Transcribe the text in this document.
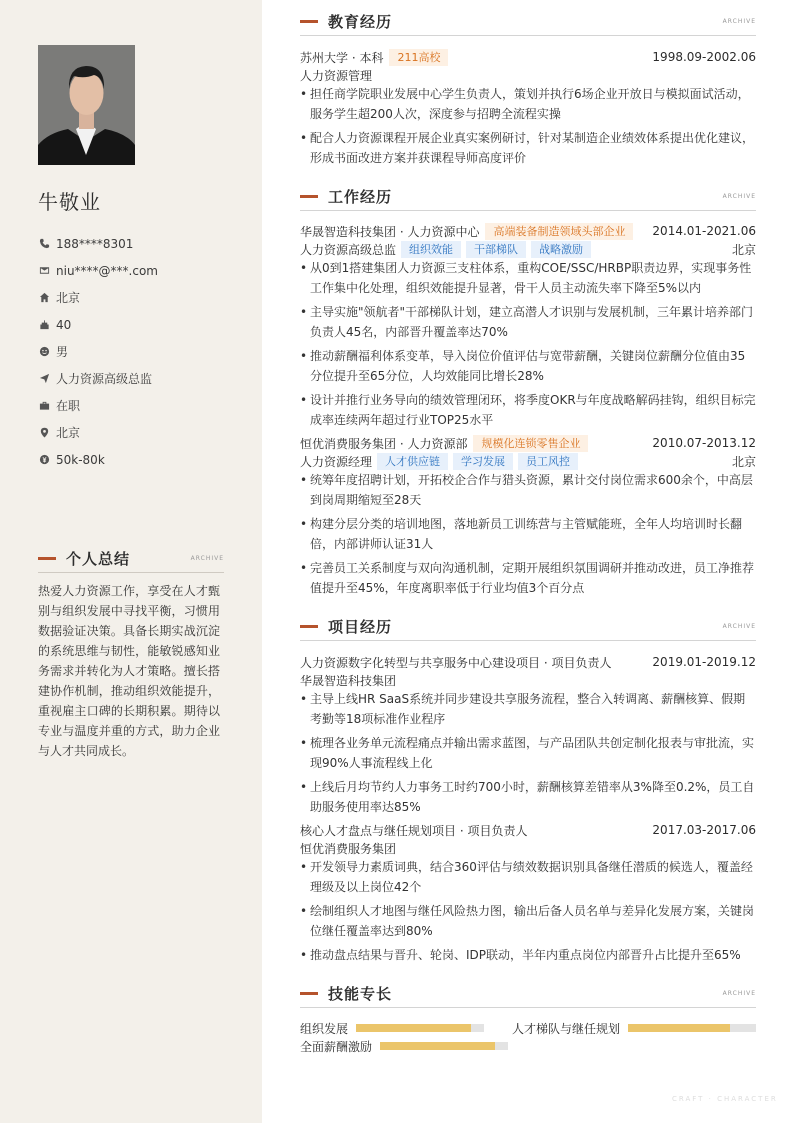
牛敬业
188****8301
niu****@***.com
北京
40
男
人力资源高级总监
在职
北京
50k-80k
个人总结	ARCHIVE
热爱人力资源工作，享受在人才甄别与组织发展中寻找平衡，习惯用数据验证决策。具备长期实战沉淀的系统思维与韧性，能敏锐感知业务需求并转化为人才策略。擅长搭建协作机制，推动组织效能提升，重视雇主口碑的长期积累。期待以专业与温度并重的方式，助力企业与人才共同成长。
教育经历	ARCHIVE
苏州大学 · 本科	211高校	1998.09-2002.06
人力资源管理
• 担任商学院职业发展中心学生负责人，策划并执行6场企业开放日与模拟面试活动，服务学生超200人次，深度参与招聘全流程实操
• 配合人力资源课程开展企业真实案例研讨，针对某制造企业绩效体系提出优化建议，形成书面改进方案并获课程导师高度评价
工作经历	ARCHIVE
华晟智造科技集团 · 人力资源中心	高端装备制造领域头部企业	2014.01-2021.06
人力资源高级总监	组织效能	干部梯队	战略激励	北京
• 从0到1搭建集团人力资源三支柱体系，重构COE/SSC/HRBP职责边界，实现事务性工作集中化处理，组织效能提升显著，骨干人员主动流失率下降至5%以内
• 主导实施"领航者"干部梯队计划，建立高潜人才识别与发展机制，三年累计培养部门负责人45名，内部晋升覆盖率达70%
• 推动薪酬福利体系变革，导入岗位价值评估与宽带薪酬，关键岗位薪酬分位值由35分位提升至65分位，人均效能同比增长28%
• 设计并推行业务导向的绩效管理闭环，将季度OKR与年度战略解码挂钩，组织目标完成率连续两年超过行业TOP25水平
恒优消费服务集团 · 人力资源部	规模化连锁零售企业	2010.07-2013.12
人力资源经理	人才供应链	学习发展	员工风控	北京
• 统筹年度招聘计划，开拓校企合作与猎头资源，累计交付岗位需求600余个，中高层到岗周期缩短至28天
• 构建分层分类的培训地图，落地新员工训练营与主管赋能班，全年人均培训时长翻倍，内部讲师认证31人
• 完善员工关系制度与双向沟通机制，定期开展组织氛围调研并推动改进，员工净推荐值提升至45%，年度离职率低于行业均值3个百分点
项目经历	ARCHIVE
人力资源数字化转型与共享服务中心建设项目 · 项目负责人	2019.01-2019.12
华晟智造科技集团
• 主导上线HR SaaS系统并同步建设共享服务流程，整合入转调离、薪酬核算、假期考勤等18项标准作业程序
• 梳理各业务单元流程痛点并输出需求蓝图，与产品团队共创定制化报表与审批流，实现90%人事流程线上化
• 上线后月均节约人力事务工时约700小时，薪酬核算差错率从3%降至0.2%，员工自助服务使用率达85%
核心人才盘点与继任规划项目 · 项目负责人	2017.03-2017.06
恒优消费服务集团
• 开发领导力素质词典，结合360评估与绩效数据识别具备继任潜质的候选人，覆盖经理级及以上岗位42个
• 绘制组织人才地图与继任风险热力图，输出后备人员名单与差异化发展方案，关键岗位继任覆盖率达到80%
• 推动盘点结果与晋升、轮岗、IDP联动，半年内重点岗位内部晋升占比提升至65%
技能专长	ARCHIVE
组织发展	人才梯队与继任规划
全面薪酬激励
CRAFT · CHARACTER
